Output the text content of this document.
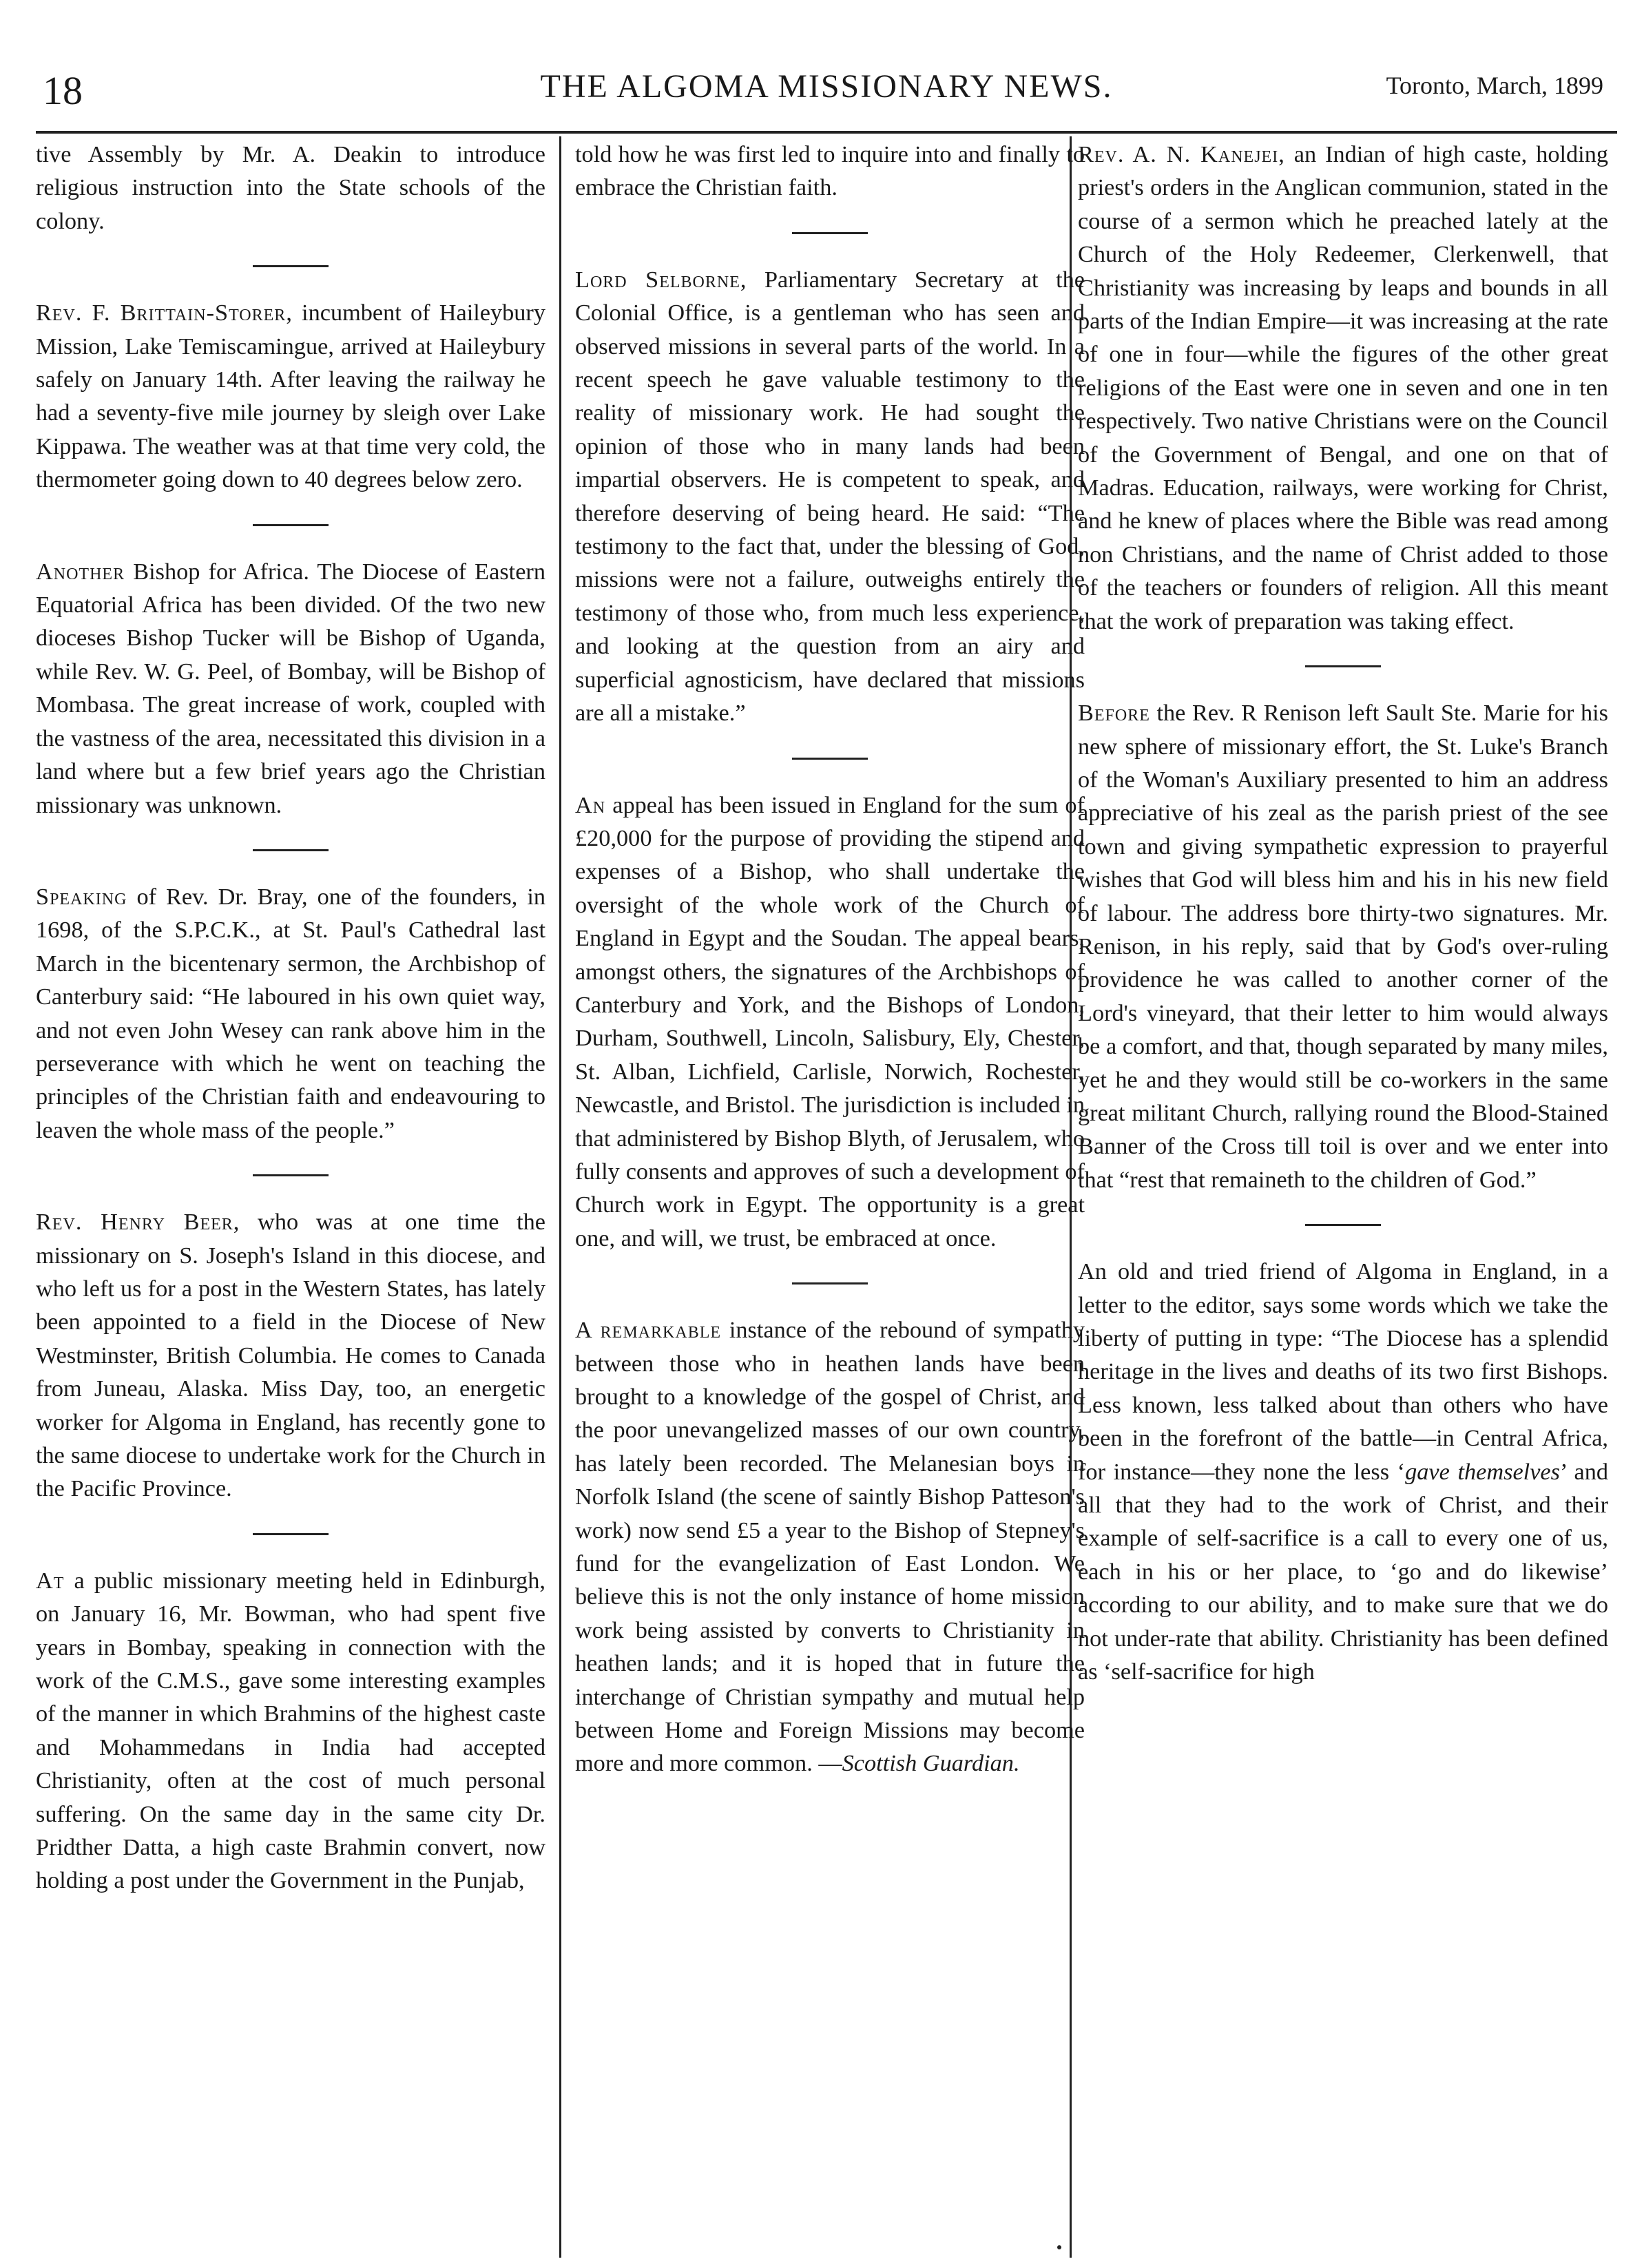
18	THE ALGOMA MISSIONARY NEWS.	Toronto, March, 1899

tive Assembly by Mr. A. Deakin to introduce religious instruction into the State schools of the colony.

Rev. F. Brittain-Storer, incumbent of Haileybury Mission, Lake Temiscamingue, arrived at Haileybury safely on January 14th. After leaving the railway he had a seventy-five mile journey by sleigh over Lake Kippawa. The weather was at that time very cold, the thermometer going down to 40 degrees below zero.

Another Bishop for Africa. The Diocese of Eastern Equatorial Africa has been divided. Of the two new dioceses Bishop Tucker will be Bishop of Uganda, while Rev. W. G. Peel, of Bombay, will be Bishop of Mombasa. The great increase of work, coupled with the vastness of the area, necessitated this division in a land where but a few brief years ago the Christian missionary was unknown.

Speaking of Rev. Dr. Bray, one of the founders, in 1698, of the S.P.C.K., at St. Paul's Cathedral last March in the bicentenary sermon, the Archbishop of Canterbury said: “He laboured in his own quiet way, and not even John Wesey can rank above him in the perseverance with which he went on teaching the principles of the Christian faith and endeavouring to leaven the whole mass of the people.”

Rev. Henry Beer, who was at one time the missionary on S. Joseph's Island in this diocese, and who left us for a post in the Western States, has lately been appointed to a field in the Diocese of New Westminster, British Columbia. He comes to Canada from Juneau, Alaska. Miss Day, too, an energetic worker for Algoma in England, has recently gone to the same diocese to undertake work for the Church in the Pacific Province.

At a public missionary meeting held in Edinburgh, on January 16, Mr. Bowman, who had spent five years in Bombay, speaking in connection with the work of the C.M.S., gave some interesting examples of the manner in which Brahmins of the highest caste and Mohammedans in India had accepted Christianity, often at the cost of much personal suffering. On the same day in the same city Dr. Pridther Datta, a high caste Brahmin convert, now holding a post under the Government in the Punjab,

told how he was first led to inquire into and finally to embrace the Christian faith.

Lord Selborne, Parliamentary Secretary at the Colonial Office, is a gentleman who has seen and observed missions in several parts of the world. In a recent speech he gave valuable testimony to the reality of missionary work. He had sought the opinion of those who in many lands had been impartial observers. He is competent to speak, and therefore deserving of being heard. He said: “The testimony to the fact that, under the blessing of God, missions were not a failure, outweighs entirely the testimony of those who, from much less experience, and looking at the question from an airy and superficial agnosticism, have declared that missions are all a mistake.”

An appeal has been issued in England for the sum of £20,000 for the purpose of providing the stipend and expenses of a Bishop, who shall undertake the oversight of the whole work of the Church of England in Egypt and the Soudan. The appeal bears, amongst others, the signatures of the Archbishops of Canterbury and York, and the Bishops of London, Durham, Southwell, Lincoln, Salisbury, Ely, Chester, St. Alban, Lichfield, Carlisle, Norwich, Rochester, Newcastle, and Bristol. The jurisdiction is included in that administered by Bishop Blyth, of Jerusalem, who fully consents and approves of such a development of Church work in Egypt. The opportunity is a great one, and will, we trust, be embraced at once.

A remarkable instance of the rebound of sympathy between those who in heathen lands have been brought to a knowledge of the gospel of Christ, and the poor unevangelized masses of our own country, has lately been recorded. The Melanesian boys in Norfolk Island (the scene of saintly Bishop Patteson's work) now send £5 a year to the Bishop of Stepney's fund for the evangelization of East London. We believe this is not the only instance of home mission work being assisted by converts to Christianity in heathen lands; and it is hoped that in future the interchange of Christian sympathy and mutual help between Home and Foreign Missions may become more and more common. —Scottish Guardian.

Rev. A. N. Kanejei, an Indian of high caste, holding priest's orders in the Anglican communion, stated in the course of a sermon which he preached lately at the Church of the Holy Redeemer, Clerkenwell, that Christianity was increasing by leaps and bounds in all parts of the Indian Empire—it was increasing at the rate of one in four—while the figures of the other great religions of the East were one in seven and one in ten respectively. Two native Christians were on the Council of the Government of Bengal, and one on that of Madras. Education, railways, were working for Christ, and he knew of places where the Bible was read among non Christians, and the name of Christ added to those of the teachers or founders of religion. All this meant that the work of preparation was taking effect.

Before the Rev. R Renison left Sault Ste. Marie for his new sphere of missionary effort, the St. Luke's Branch of the Woman's Auxiliary presented to him an address appreciative of his zeal as the parish priest of the see town and giving sympathetic expression to prayerful wishes that God will bless him and his in his new field of labour. The address bore thirty-two signatures. Mr. Renison, in his reply, said that by God's over-ruling providence he was called to another corner of the Lord's vineyard, that their letter to him would always be a comfort, and that, though separated by many miles, yet he and they would still be co-workers in the same great militant Church, rallying round the Blood-Stained Banner of the Cross till toil is over and we enter into that “rest that remaineth to the children of God.”

An old and tried friend of Algoma in England, in a letter to the editor, says some words which we take the liberty of putting in type: “The Diocese has a splendid heritage in the lives and deaths of its two first Bishops. Less known, less talked about than others who have been in the forefront of the battle—in Central Africa, for instance—they none the less ‘gave themselves’ and all that they had to the work of Christ, and their example of self-sacrifice is a call to every one of us, each in his or her place, to ‘go and do likewise’ according to our ability, and to make sure that we do not under-rate that ability. Christianity has been defined as ‘self-sacrifice for high
